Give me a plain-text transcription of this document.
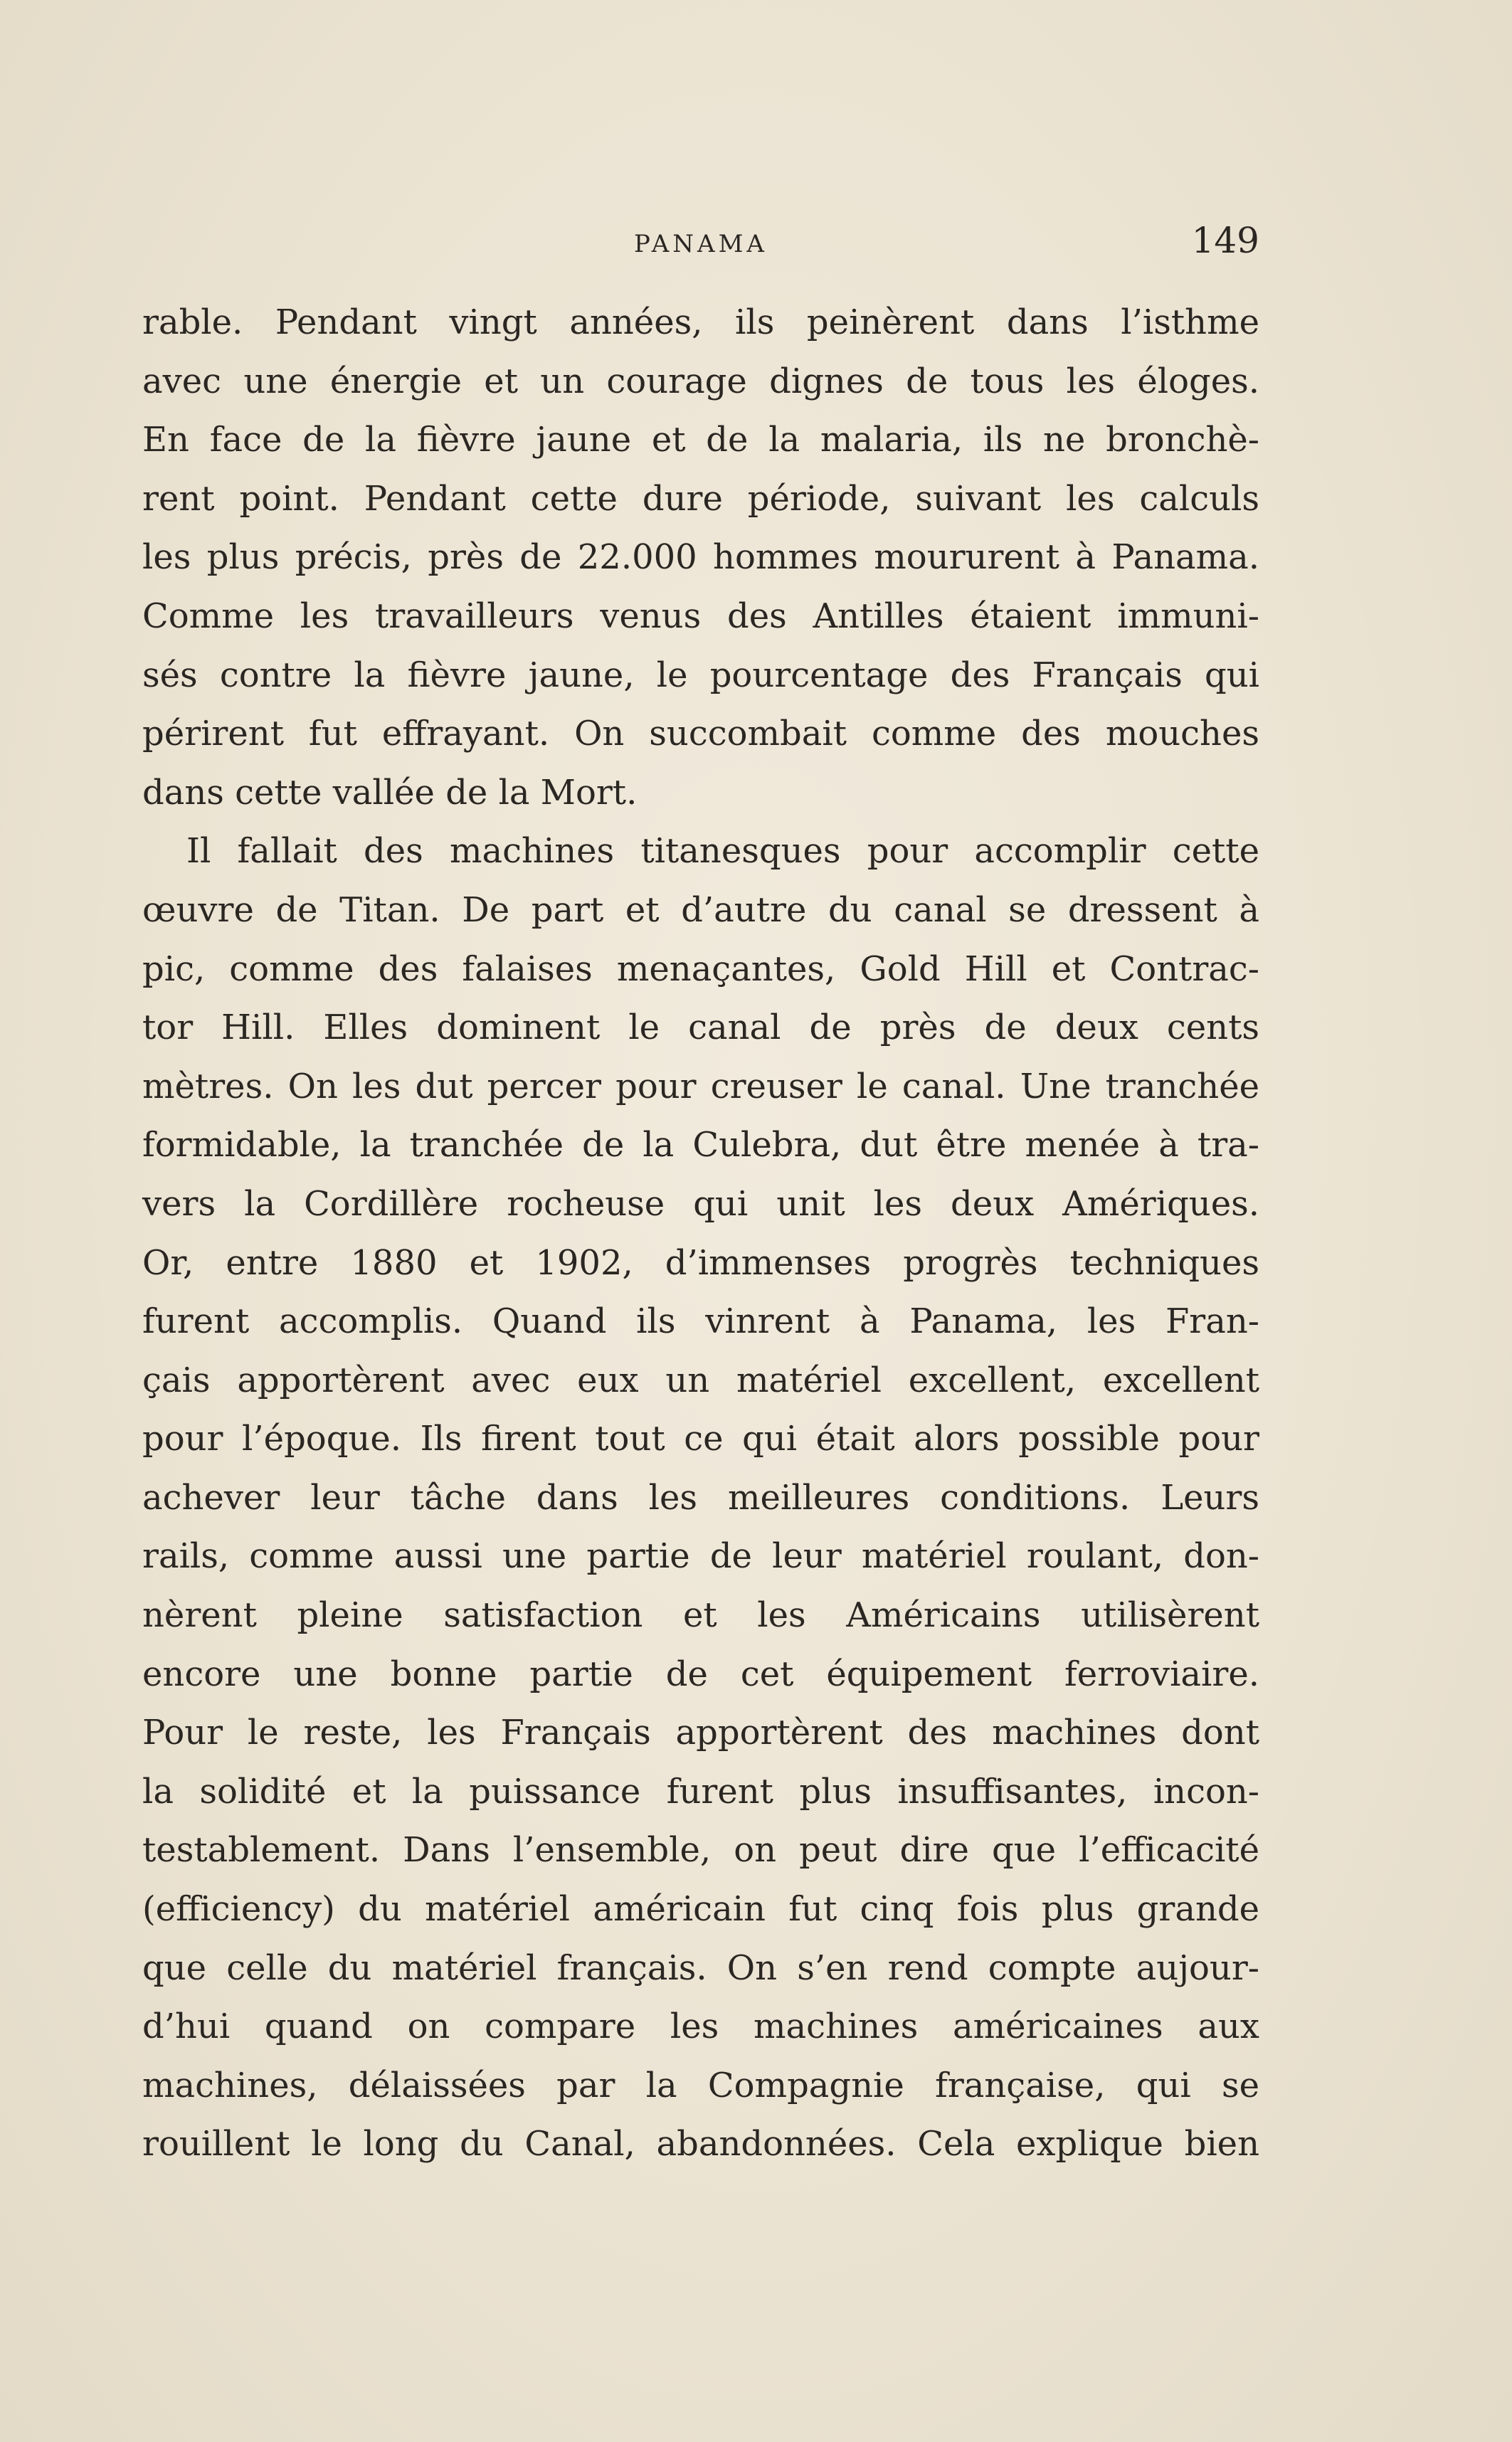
PANAMA	149
rable. Pendant vingt années, ils peinèrent dans l’isthme
avec une énergie et un courage dignes de tous les éloges.
En face de la fièvre jaune et de la malaria, ils ne bronchè-
rent point. Pendant cette dure période, suivant les calculs
les plus précis, près de 22.000 hommes moururent à Panama.
Comme les travailleurs venus des Antilles étaient immuni-
sés contre la fièvre jaune, le pourcentage des Français qui
périrent fut effrayant. On succombait comme des mouches
dans cette vallée de la Mort.
Il fallait des machines titanesques pour accomplir cette
œuvre de Titan. De part et d’autre du canal se dressent à
pic, comme des falaises menaçantes, Gold Hill et Contrac-
tor Hill. Elles dominent le canal de près de deux cents
mètres. On les dut percer pour creuser le canal. Une tranchée
formidable, la tranchée de la Culebra, dut être menée à tra-
vers la Cordillère rocheuse qui unit les deux Amériques.
Or, entre 1880 et 1902, d’immenses progrès techniques
furent accomplis. Quand ils vinrent à Panama, les Fran-
çais apportèrent avec eux un matériel excellent, excellent
pour l’époque. Ils firent tout ce qui était alors possible pour
achever leur tâche dans les meilleures conditions. Leurs
rails, comme aussi une partie de leur matériel roulant, don-
nèrent pleine satisfaction et les Américains utilisèrent
encore une bonne partie de cet équipement ferroviaire.
Pour le reste, les Français apportèrent des machines dont
la solidité et la puissance furent plus insuffisantes, incon-
testablement. Dans l’ensemble, on peut dire que l’efficacité
(efficiency) du matériel américain fut cinq fois plus grande
que celle du matériel français. On s’en rend compte aujour-
d’hui quand on compare les machines américaines aux
machines, délaissées par la Compagnie française, qui se
rouillent le long du Canal, abandonnées. Cela explique bien
